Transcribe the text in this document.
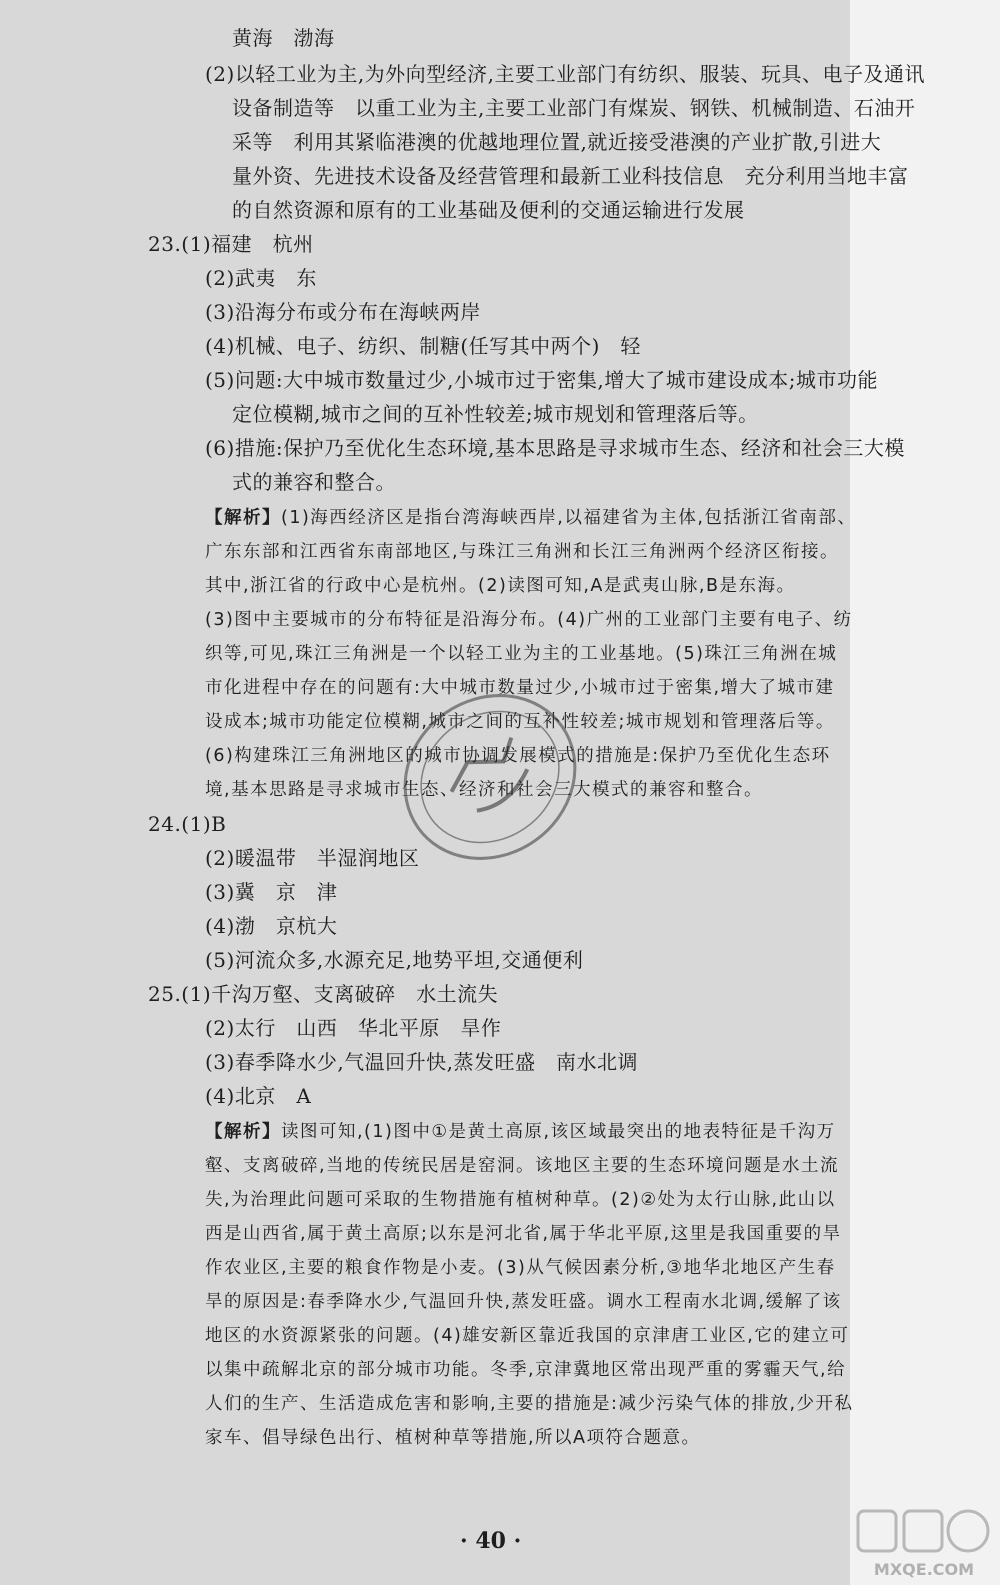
黄海　渤海
(2)以轻工业为主,为外向型经济,主要工业部门有纺织、服装、玩具、电子及通讯
设备制造等　以重工业为主,主要工业部门有煤炭、钢铁、机械制造、石油开
采等　利用其紧临港澳的优越地理位置,就近接受港澳的产业扩散,引进大
量外资、先进技术设备及经营管理和最新工业科技信息　充分利用当地丰富
的自然资源和原有的工业基础及便利的交通运输进行发展
23.(1)福建　杭州
(2)武夷　东
(3)沿海分布或分布在海峡两岸
(4)机械、电子、纺织、制糖(任写其中两个)　轻
(5)问题:大中城市数量过少,小城市过于密集,增大了城市建设成本;城市功能
定位模糊,城市之间的互补性较差;城市规划和管理落后等。
(6)措施:保护乃至优化生态环境,基本思路是寻求城市生态、经济和社会三大模
式的兼容和整合。
【解析】(1)海西经济区是指台湾海峡西岸,以福建省为主体,包括浙江省南部、
广东东部和江西省东南部地区,与珠江三角洲和长江三角洲两个经济区衔接。
其中,浙江省的行政中心是杭州。(2)读图可知,A是武夷山脉,B是东海。
(3)图中主要城市的分布特征是沿海分布。(4)广州的工业部门主要有电子、纺
织等,可见,珠江三角洲是一个以轻工业为主的工业基地。(5)珠江三角洲在城
市化进程中存在的问题有:大中城市数量过少,小城市过于密集,增大了城市建
设成本;城市功能定位模糊,城市之间的互补性较差;城市规划和管理落后等。
(6)构建珠江三角洲地区的城市协调发展模式的措施是:保护乃至优化生态环
境,基本思路是寻求城市生态、经济和社会三大模式的兼容和整合。
24.(1)B
(2)暖温带　半湿润地区
(3)冀　京　津
(4)渤　京杭大
(5)河流众多,水源充足,地势平坦,交通便利
25.(1)千沟万壑、支离破碎　水土流失
(2)太行　山西　华北平原　旱作
(3)春季降水少,气温回升快,蒸发旺盛　南水北调
(4)北京　A
【解析】读图可知,(1)图中①是黄土高原,该区域最突出的地表特征是千沟万
壑、支离破碎,当地的传统民居是窑洞。该地区主要的生态环境问题是水土流
失,为治理此问题可采取的生物措施有植树种草。(2)②处为太行山脉,此山以
西是山西省,属于黄土高原;以东是河北省,属于华北平原,这里是我国重要的旱
作农业区,主要的粮食作物是小麦。(3)从气候因素分析,③地华北地区产生春
旱的原因是:春季降水少,气温回升快,蒸发旺盛。调水工程南水北调,缓解了该
地区的水资源紧张的问题。(4)雄安新区靠近我国的京津唐工业区,它的建立可
以集中疏解北京的部分城市功能。冬季,京津冀地区常出现严重的雾霾天气,给
人们的生产、生活造成危害和影响,主要的措施是:减少污染气体的排放,少开私
家车、倡导绿色出行、植树种草等措施,所以A项符合题意。
· 40 ·
MXQE.COM
